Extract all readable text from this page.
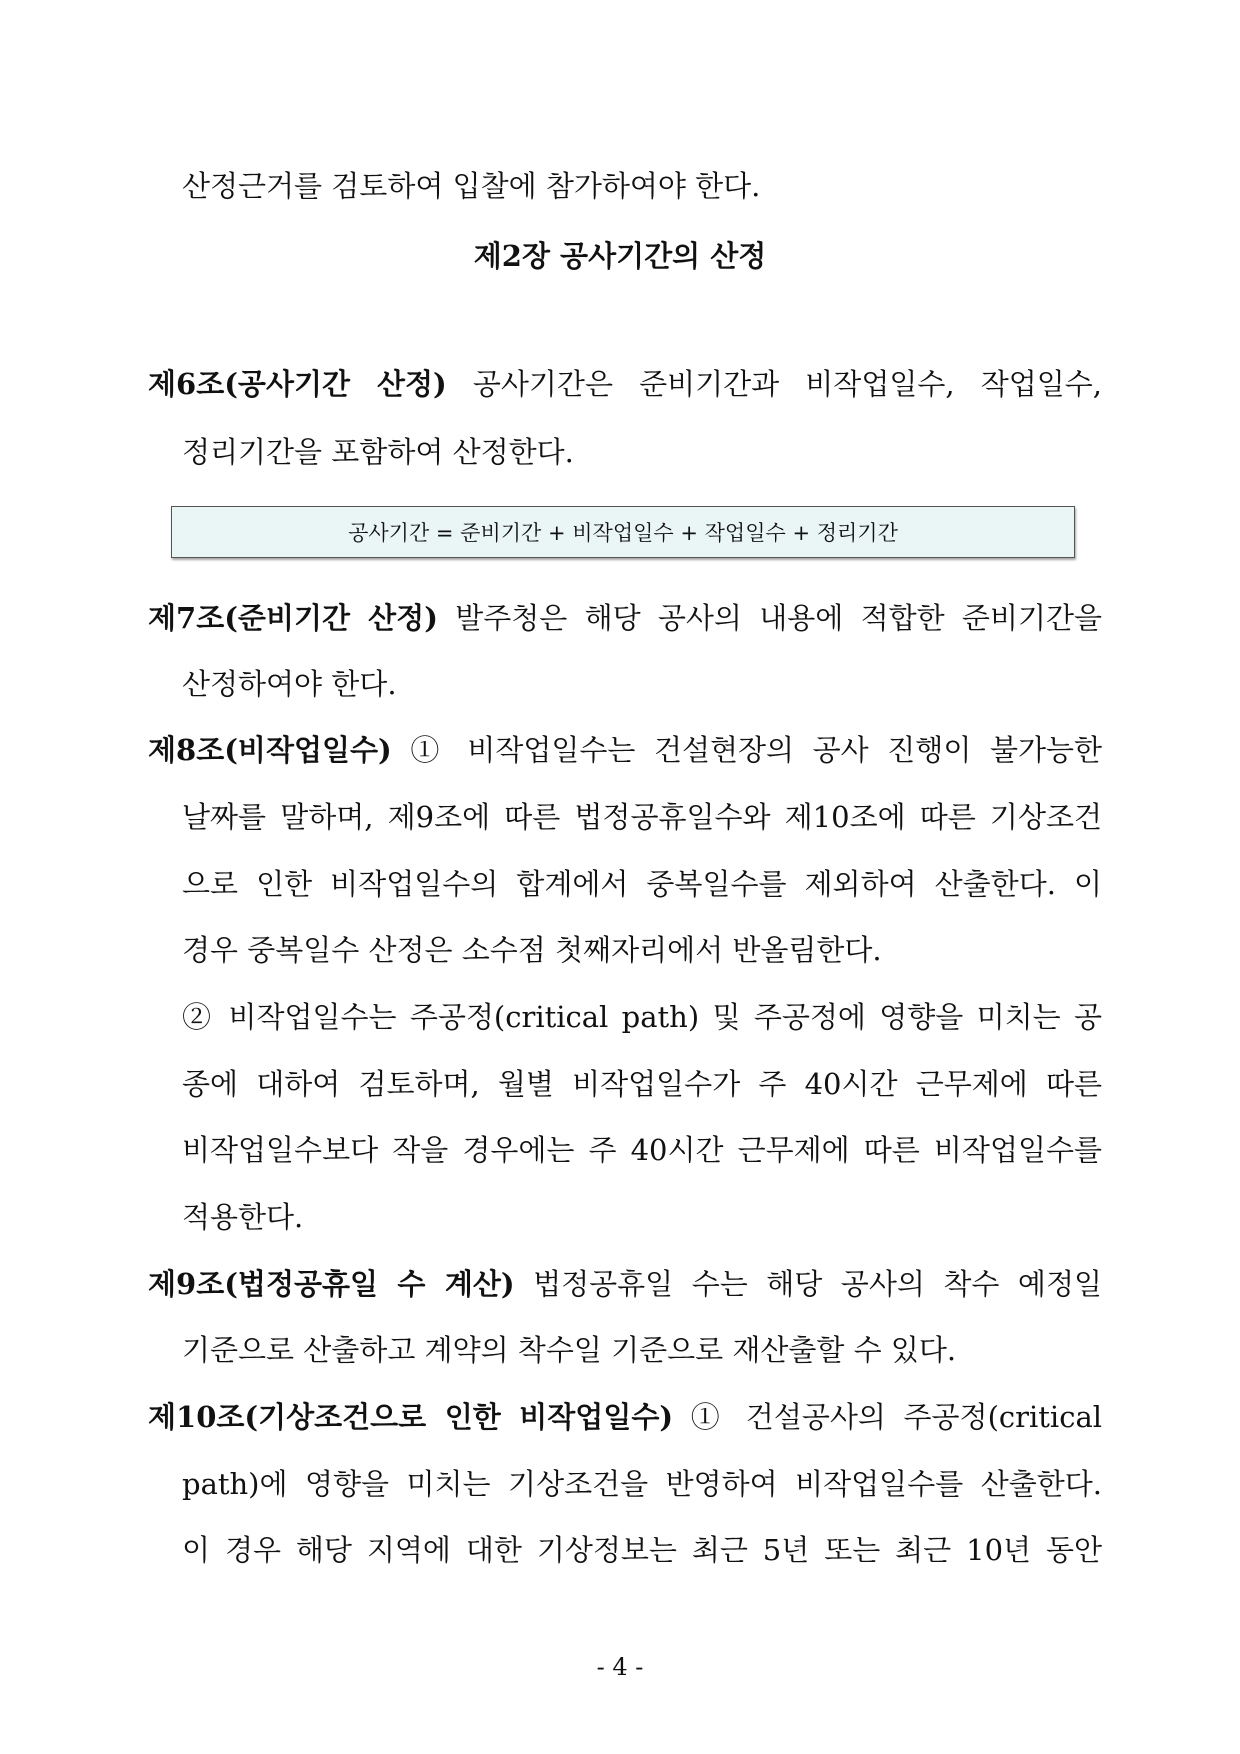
산정근거를 검토하여 입찰에 참가하여야 한다.
제2장 공사기간의 산정
제6조(공사기간 산정) 공사기간은 준비기간과 비작업일수, 작업일수,
정리기간을 포함하여 산정한다.
공사기간 = 준비기간 + 비작업일수 + 작업일수 + 정리기간
제7조(준비기간 산정) 발주청은 해당 공사의 내용에 적합한 준비기간을
산정하여야 한다.
제8조(비작업일수) ① 비작업일수는 건설현장의 공사 진행이 불가능한
날짜를 말하며, 제9조에 따른 법정공휴일수와 제10조에 따른 기상조건
으로 인한 비작업일수의 합계에서 중복일수를 제외하여 산출한다. 이
경우 중복일수 산정은 소수점 첫째자리에서 반올림한다.
② 비작업일수는 주공정(critical path) 및 주공정에 영향을 미치는 공
종에 대하여 검토하며, 월별 비작업일수가 주 40시간 근무제에 따른
비작업일수보다 작을 경우에는 주 40시간 근무제에 따른 비작업일수를
적용한다.
제9조(법정공휴일 수 계산) 법정공휴일 수는 해당 공사의 착수 예정일
기준으로 산출하고 계약의 착수일 기준으로 재산출할 수 있다.
제10조(기상조건으로 인한 비작업일수) ① 건설공사의 주공정(critical
path)에 영향을 미치는 기상조건을 반영하여 비작업일수를 산출한다.
이 경우 해당 지역에 대한 기상정보는 최근 5년 또는 최근 10년 동안
- 4 -
